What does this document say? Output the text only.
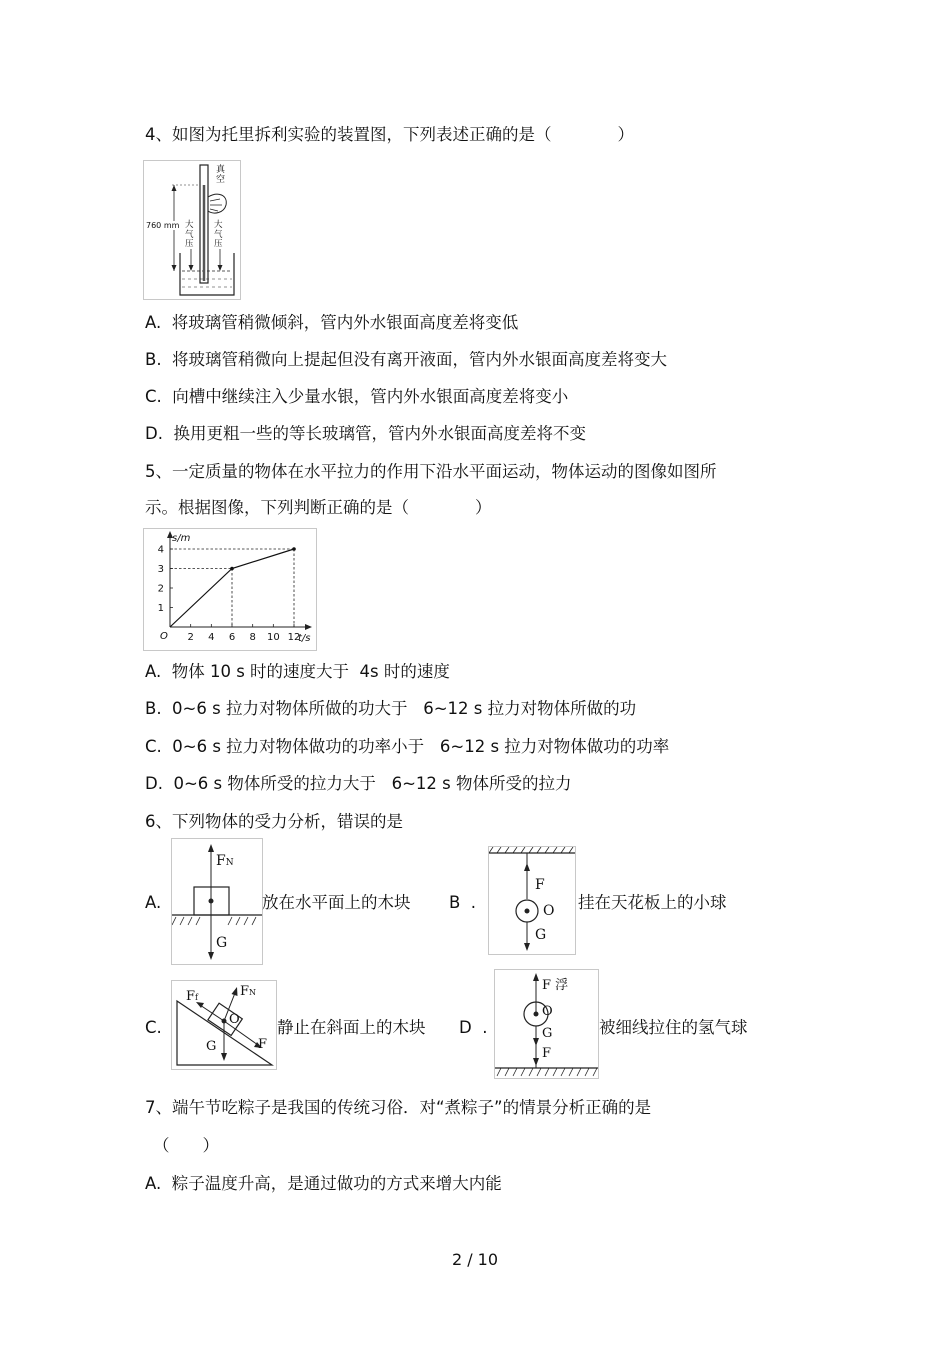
4、如图为托里拆利实验的装置图，下列表述正确的是（　　　　）
真空
760 mm 大气压
大气压
A.  将玻璃管稍微倾斜，管内外水银面高度差将变低
B.  将玻璃管稍微向上提起但没有离开液面，管内外水银面高度差将变大
C.  向槽中继续注入少量水银，管内外水银面高度差将变小
D.  换用更粗一些的等长玻璃管，管内外水银面高度差将不变
5、一定质量的物体在水平拉力的作用下沿水平面运动，物体运动的图像如图所
示。根据图像，下列判断正确的是（　　　　）
s/m
t/s
O 2 4 6 8 10 12
1
2
3
4
A.  物体 10 s 时的速度大于  4s 时的速度
B.  0~6 s 拉力对物体所做的功大于   6~12 s 拉力对物体所做的功
C.  0~6 s 拉力对物体做功的功率小于   6~12 s 拉力对物体做功的功率
D.  0~6 s 物体所受的拉力大于   6~12 s 物体所受的拉力
6、下列物体的受力分析，错误的是
A.
FN
G
放在水平面上的木块 B  .
F
O
G
挂在天花板上的小球
C.
Ff	FN
O
G	F
静止在斜面上的木块 D  .
F 浮
O
G
F
被细线拉住的氢气球
7、端午节吃粽子是我国的传统习俗．对“煮粽子”的情景分析正确的是
（　　）
A.  粽子温度升高，是通过做功的方式来增大内能
2 / 10
